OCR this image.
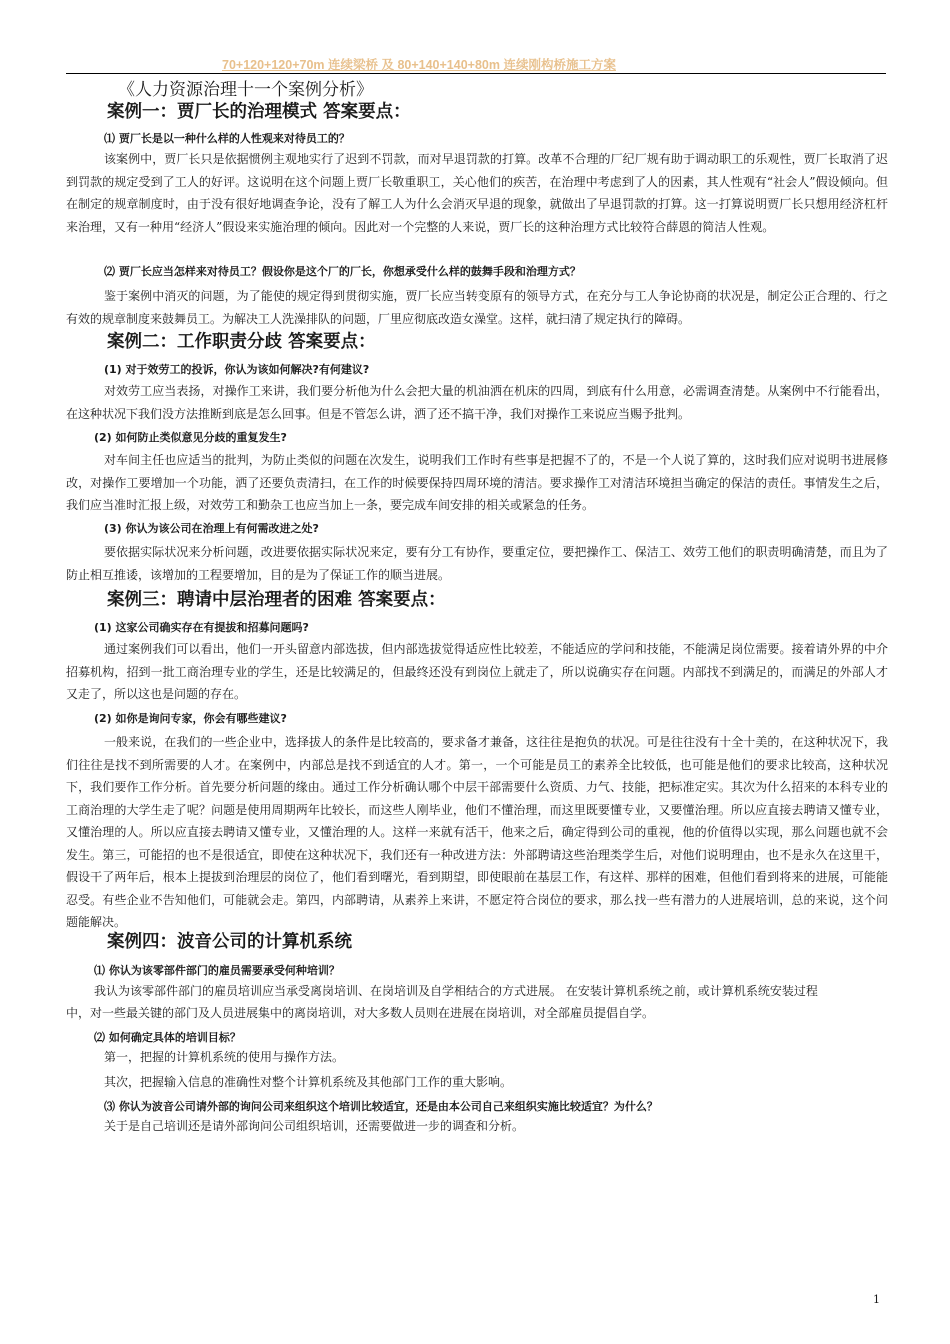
70+120+120+70m 连续梁桥 及 80+140+140+80m 连续刚构桥施工方案
《人力资源治理十一个案例分析》
案例一：贾厂长的治理模式 答案要点：
⑴ 贾厂长是以一种什么样的人性观来对待员工的？
该案例中，贾厂长只是依据惯例主观地实行了迟到不罚款，而对早退罚款的打算。改革不合理的厂纪厂规有助于调动职工的乐观性，贾厂长取消了迟到罚款的规定受到了工人的好评。这说明在这个问题上贾厂长敬重职工，关心他们的疾苦，在治理中考虑到了人的因素，其人性观有“社会人”假设倾向。但在制定的规章制度时，由于没有很好地调查争论，没有了解工人为什么会消灭早退的现象，就做出了早退罚款的打算。这一打算说明贾厂长只想用经济杠杆来治理，又有一种用“经济人”假设来实施治理的倾向。因此对一个完整的人来说，贾厂长的这种治理方式比较符合薛恩的简洁人性观。
⑵ 贾厂长应当怎样来对待员工？假设你是这个厂的厂长，你想承受什么样的鼓舞手段和治理方式？
鉴于案例中消灭的问题，为了能使的规定得到贯彻实施，贾厂长应当转变原有的领导方式，在充分与工人争论协商的状况是，制定公正合理的、行之有效的规章制度来鼓舞员工。为解决工人洗澡排队的问题，厂里应彻底改造女澡堂。这样，就扫清了规定执行的障碍。
案例二：工作职责分歧 答案要点：
(1) 对于效劳工的投诉，你认为该如何解决?有何建议?
对效劳工应当表扬，对操作工来讲，我们要分析他为什么会把大量的机油洒在机床的四周，到底有什么用意，必需调查清楚。从案例中不行能看出，在这种状况下我们没方法推断到底是怎么回事。但是不管怎么讲，洒了还不搞干净，我们对操作工来说应当赐予批判。
(2) 如何防止类似意见分歧的重复发生?
对车间主任也应适当的批判，为防止类似的问题在次发生，说明我们工作时有些事是把握不了的，不是一个人说了算的，这时我们应对说明书进展修改，对操作工要增加一个功能，洒了还要负责清扫，在工作的时候要保持四周环境的清洁。要求操作工对清洁环境担当确定的保洁的责任。事情发生之后，我们应当准时汇报上级，对效劳工和勤杂工也应当加上一条，要完成车间安排的相关或紧急的任务。
(3) 你认为该公司在治理上有何需改进之处?
要依据实际状况来分析问题，改进要依据实际状况来定，要有分工有协作，要重定位，要把操作工、保洁工、效劳工他们的职责明确清楚，而且为了防止相互推诿，该增加的工程要增加，目的是为了保证工作的顺当进展。
案例三：聘请中层治理者的困难 答案要点：
(1) 这家公司确实存在有提拔和招募问题吗?
通过案例我们可以看出，他们一开头留意内部选拔，但内部选拔觉得适应性比较差，不能适应的学问和技能，不能满足岗位需要。接着请外界的中介招募机构，招到一批工商治理专业的学生，还是比较满足的，但最终还没有到岗位上就走了，所以说确实存在问题。内部找不到满足的，而满足的外部人才又走了，所以这也是问题的存在。
(2) 如你是询问专家，你会有哪些建议?
一般来说，在我们的一些企业中，选择拔人的条件是比较高的，要求备才兼备，这往往是抱负的状况。可是往往没有十全十美的，在这种状况下，我们往往是找不到所需要的人才。在案例中，内部总是找不到适宜的人才。第一，一个可能是员工的素养全比较低，也可能是他们的要求比较高，这种状况下，我们要作工作分析。首先要分析问题的缘由。通过工作分析确认哪个中层干部需要什么资质、力气、技能，把标准定实。其次为什么招来的本科专业的工商治理的大学生走了呢？问题是使用周期两年比较长，而这些人刚毕业，他们不懂治理，而这里既要懂专业，又要懂治理。所以应直接去聘请又懂专业，又懂治理的人。所以应直接去聘请又懂专业，又懂治理的人。这样一来就有活干，他来之后，确定得到公司的重视，他的价值得以实现，那么问题也就不会发生。第三，可能招的也不是很适宜，即使在这种状况下，我们还有一种改进方法：外部聘请这些治理类学生后，对他们说明理由，也不是永久在这里干，假设干了两年后，根本上提拔到治理层的岗位了，他们看到曙光，看到期望，即使眼前在基层工作，有这样、那样的困难，但他们看到将来的进展，可能能忍受。有些企业不告知他们，可能就会走。第四，内部聘请，从素养上来讲，不愿定符合岗位的要求，那么找一些有潜力的人进展培训，总的来说，这个问题能解决。
案例四：波音公司的计算机系统
⑴ 你认为该零部件部门的雇员需要承受何种培训？
我认为该零部件部门的雇员培训应当承受离岗培训、在岗培训及自学相结合的方式进展。 在安装计算机系统之前，或计算机系统安装过程
中，对一些最关键的部门及人员进展集中的离岗培训，对大多数人员则在进展在岗培训，对全部雇员提倡自学。
⑵ 如何确定具体的培训目标？
第一，把握的计算机系统的使用与操作方法。
其次，把握输入信息的准确性对整个计算机系统及其他部门工作的重大影响。
⑶ 你认为波音公司请外部的询问公司来组织这个培训比较适宜，还是由本公司自己来组织实施比较适宜？为什么？
关于是自己培训还是请外部询问公司组织培训，还需要做进一步的调查和分析。
1
